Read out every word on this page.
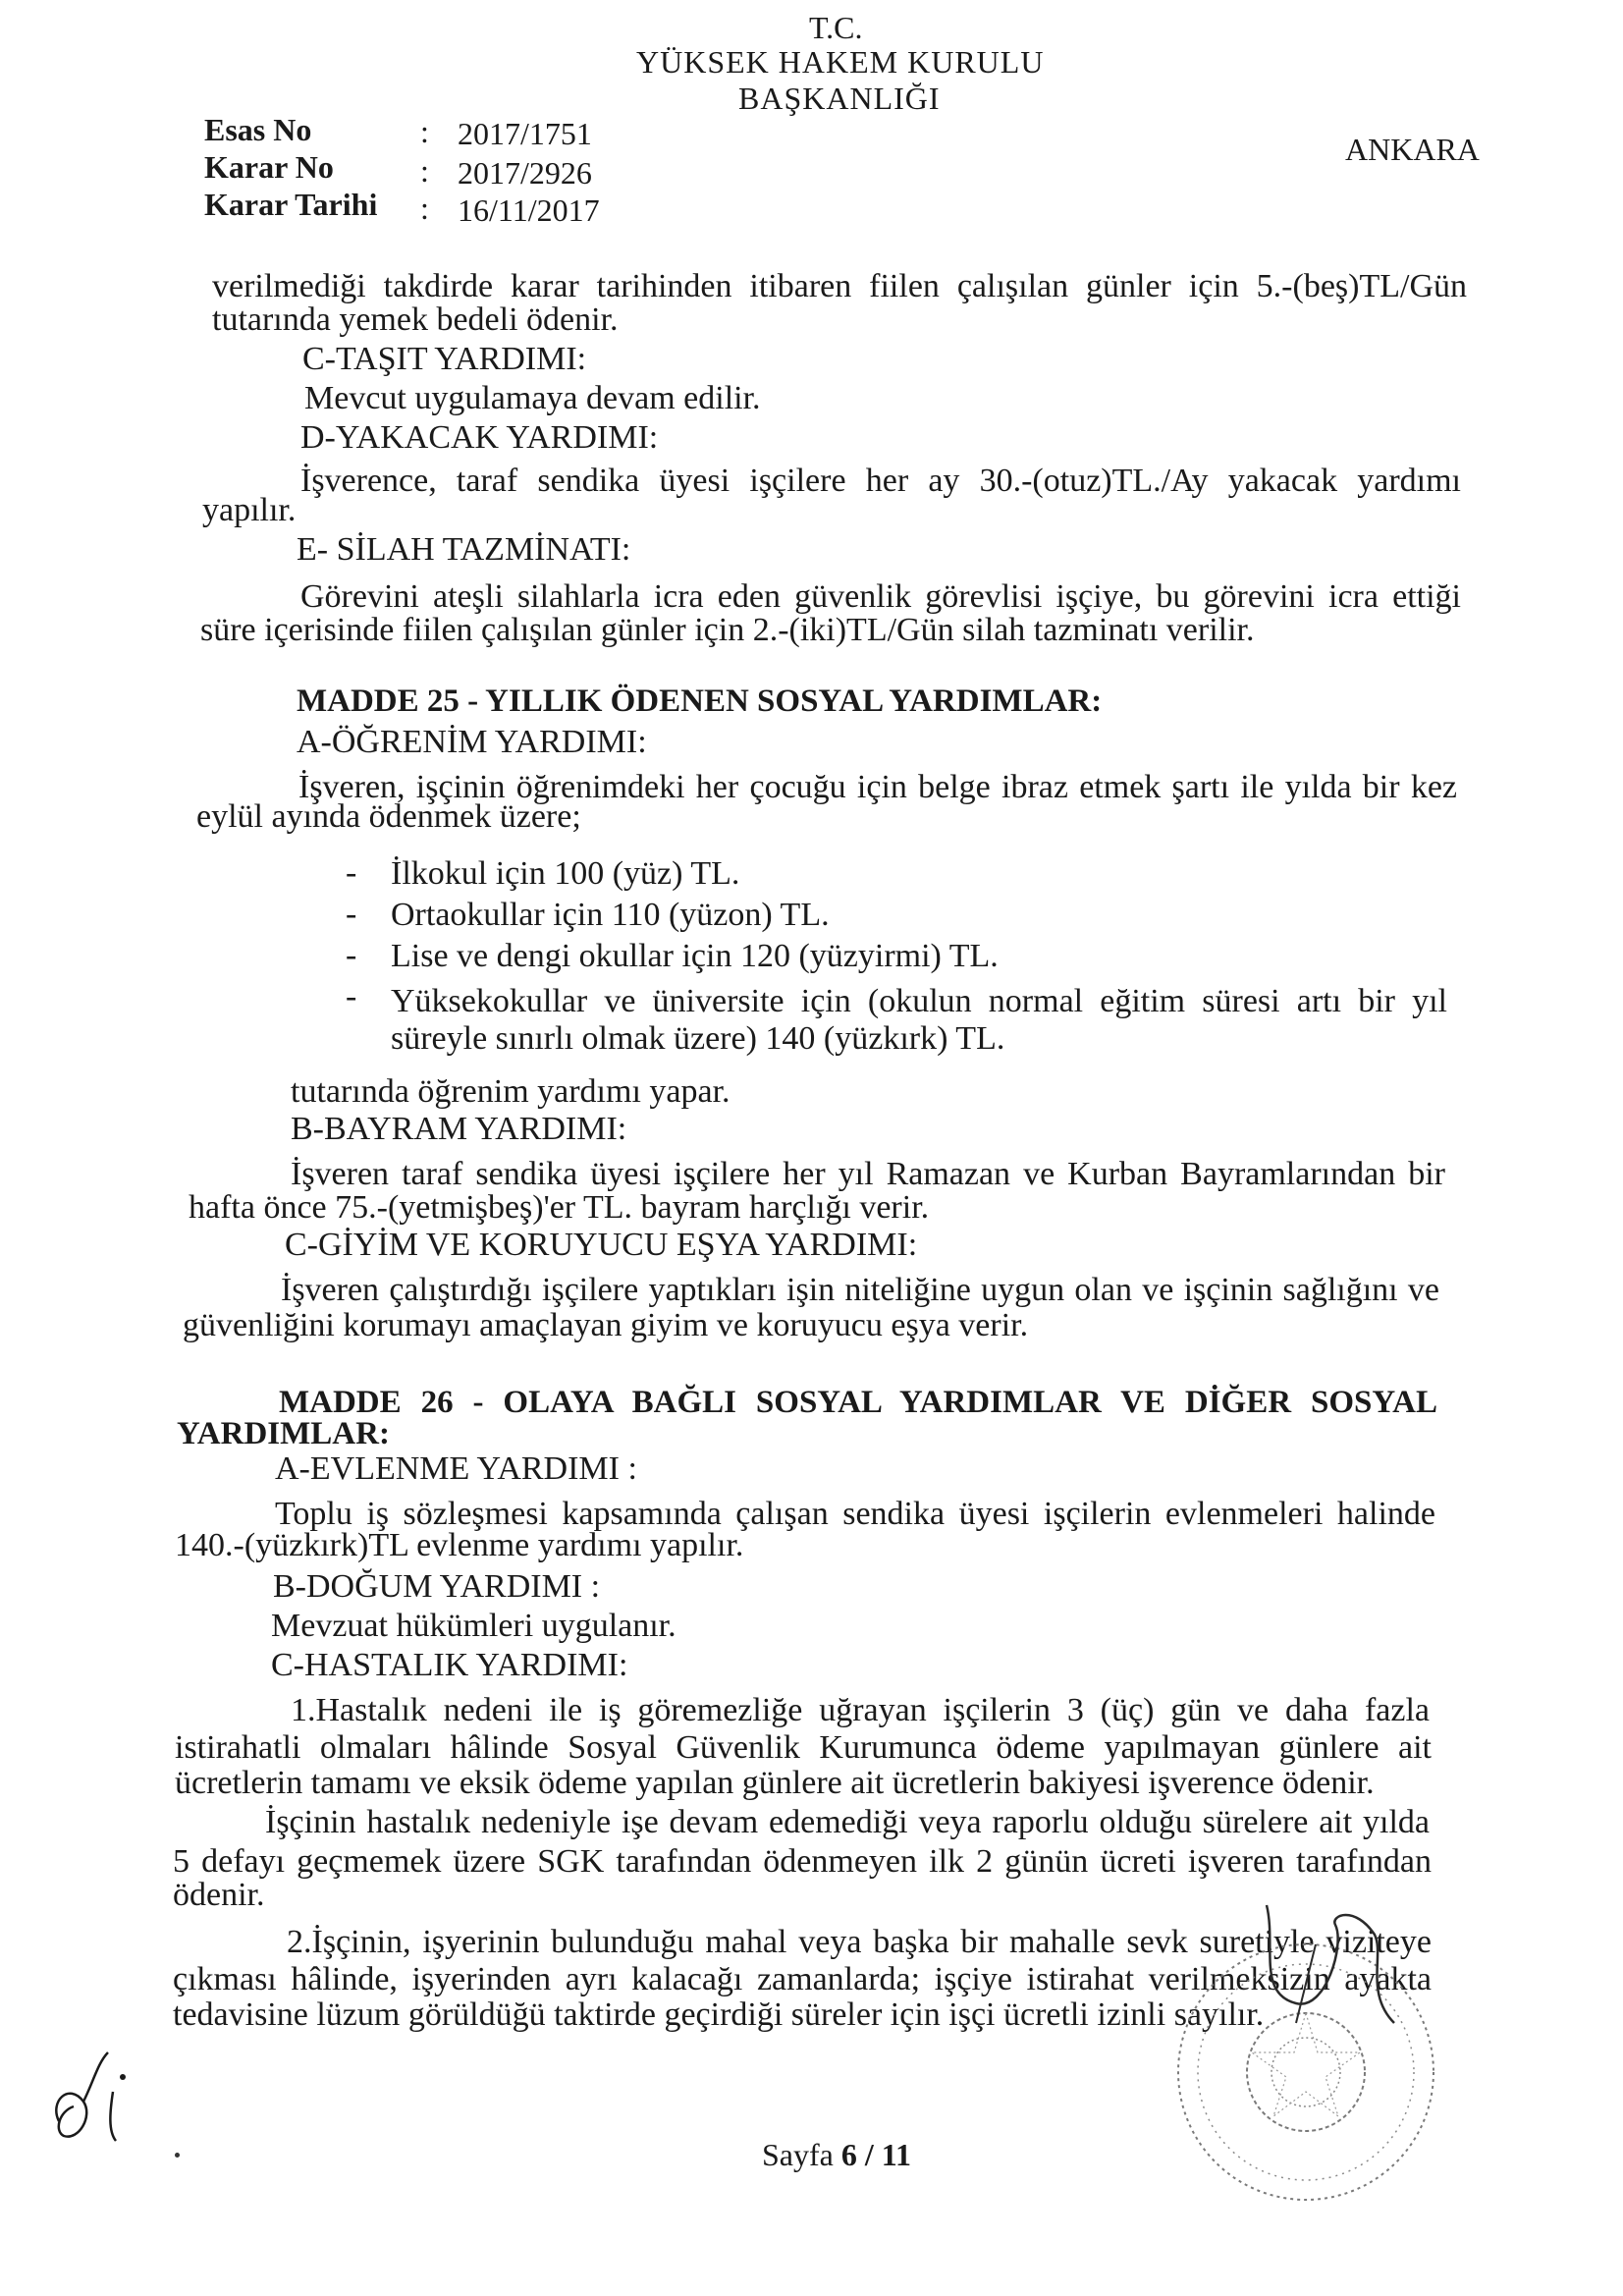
T.C.
YÜKSEK HAKEM KURULU
BAŞKANLIĞI
ANKARA
Esas No	: 2017/1751
Karar No	: 2017/2926
Karar Tarihi : 16/11/2017
verilmediği takdirde karar tarihinden itibaren fiilen çalışılan günler için 5.-(beş)TL/Gün
tutarında yemek bedeli ödenir.
C-TAŞIT YARDIMI:
Mevcut uygulamaya devam edilir.
D-YAKACAK YARDIMI:
İşverence, taraf sendika üyesi işçilere her ay 30.-(otuz)TL./Ay yakacak yardımı
yapılır.
E- SİLAH TAZMİNATI:
Görevini ateşli silahlarla icra eden güvenlik görevlisi işçiye, bu görevini icra ettiği
süre içerisinde fiilen çalışılan günler için 2.-(iki)TL/Gün silah tazminatı verilir.
MADDE 25 - YILLIK ÖDENEN SOSYAL YARDIMLAR:
A-ÖĞRENİM YARDIMI:
İşveren, işçinin öğrenimdeki her çocuğu için belge ibraz etmek şartı ile yılda bir kez
eylül ayında ödenmek üzere;
- İlkokul için 100 (yüz) TL.
- Ortaokullar için 110 (yüzon) TL.
- Lise ve dengi okullar için 120 (yüzyirmi) TL.
- Yüksekokullar ve üniversite için (okulun normal eğitim süresi artı bir yıl
süreyle sınırlı olmak üzere) 140 (yüzkırk) TL.
tutarında öğrenim yardımı yapar.
B-BAYRAM YARDIMI:
İşveren taraf sendika üyesi işçilere her yıl Ramazan ve Kurban Bayramlarından bir
hafta önce 75.-(yetmişbeş)'er TL. bayram harçlığı verir.
C-GİYİM VE KORUYUCU EŞYA YARDIMI:
İşveren çalıştırdığı işçilere yaptıkları işin niteliğine uygun olan ve işçinin sağlığını ve
güvenliğini korumayı amaçlayan giyim ve koruyucu eşya verir.
MADDE 26 - OLAYA BAĞLI SOSYAL YARDIMLAR VE DİĞER SOSYAL
YARDIMLAR:
A-EVLENME YARDIMI :
Toplu iş sözleşmesi kapsamında çalışan sendika üyesi işçilerin evlenmeleri halinde
140.-(yüzkırk)TL evlenme yardımı yapılır.
B-DOĞUM YARDIMI :
Mevzuat hükümleri uygulanır.
C-HASTALIK YARDIMI:
1.Hastalık nedeni ile iş göremezliğe uğrayan işçilerin 3 (üç) gün ve daha fazla
istirahatli olmaları hâlinde Sosyal Güvenlik Kurumunca ödeme yapılmayan günlere ait
ücretlerin tamamı ve eksik ödeme yapılan günlere ait ücretlerin bakiyesi işverence ödenir.
İşçinin hastalık nedeniyle işe devam edemediği veya raporlu olduğu sürelere ait yılda
5 defayı geçmemek üzere SGK tarafından ödenmeyen ilk 2 günün ücreti işveren tarafından
ödenir.
2.İşçinin, işyerinin bulunduğu mahal veya başka bir mahalle sevk suretiyle viziteye
çıkması hâlinde, işyerinden ayrı kalacağı zamanlarda; işçiye istirahat verilmeksizin ayakta
tedavisine lüzum görüldüğü taktirde geçirdiği süreler için işçi ücretli izinli sayılır.
Sayfa 6 / 11
